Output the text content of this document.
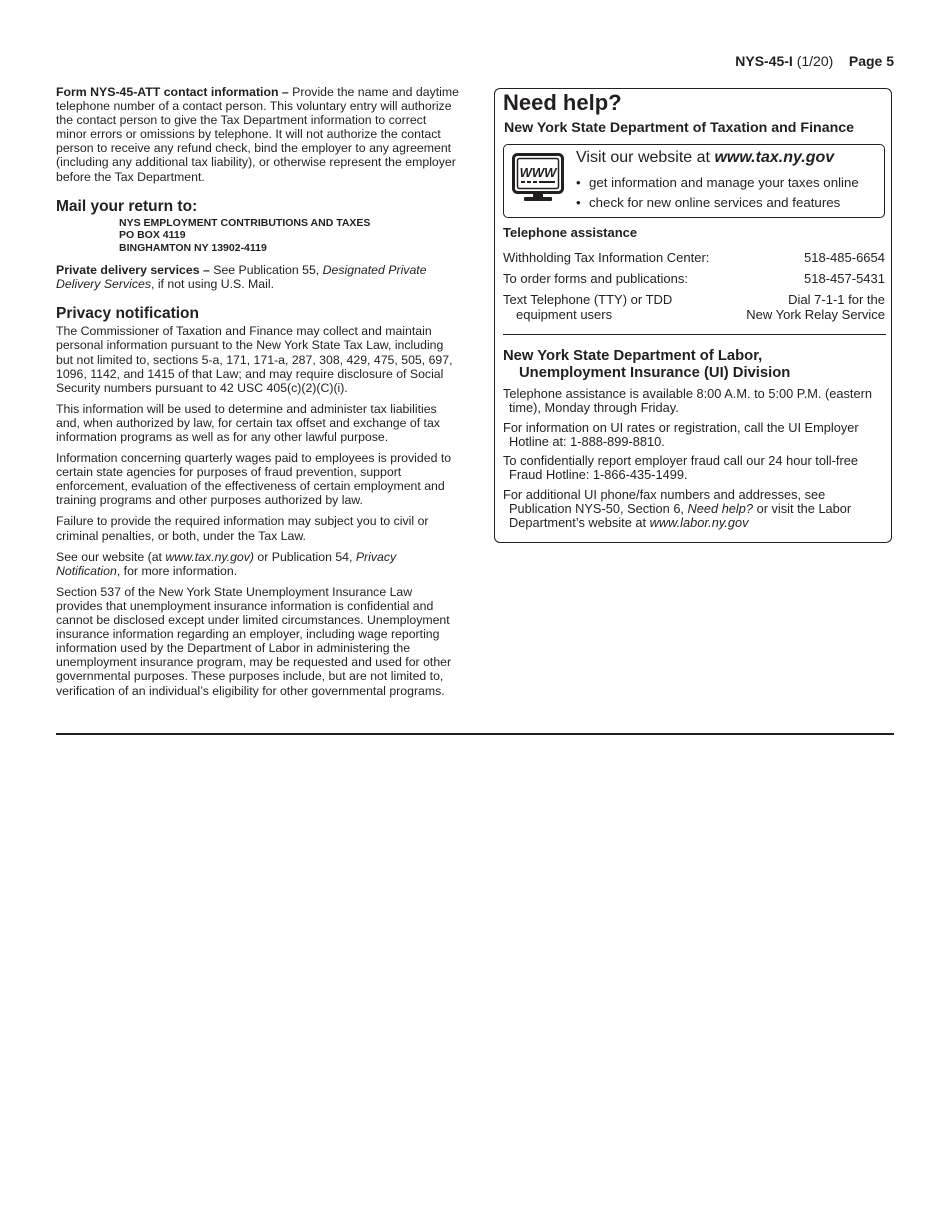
NYS-45-I (1/20) Page 5

Form NYS-45-ATT contact information – Provide the name and daytime telephone number of a contact person. This voluntary entry will authorize the contact person to give the Tax Department information to correct minor errors or omissions by telephone. It will not authorize the contact person to receive any refund check, bind the employer to any agreement (including any additional tax liability), or otherwise represent the employer before the Tax Department.

Mail your return to:
NYS EMPLOYMENT CONTRIBUTIONS AND TAXES
PO BOX 4119
BINGHAMTON NY 13902-4119

Private delivery services – See Publication 55, Designated Private Delivery Services, if not using U.S. Mail.

Privacy notification

The Commissioner of Taxation and Finance may collect and maintain personal information pursuant to the New York State Tax Law, including but not limited to, sections 5-a, 171, 171-a, 287, 308, 429, 475, 505, 697, 1096, 1142, and 1415 of that Law; and may require disclosure of Social Security numbers pursuant to 42 USC 405(c)(2)(C)(i).

This information will be used to determine and administer tax liabilities and, when authorized by law, for certain tax offset and exchange of tax information programs as well as for any other lawful purpose.

Information concerning quarterly wages paid to employees is provided to certain state agencies for purposes of fraud prevention, support enforcement, evaluation of the effectiveness of certain employment and training programs and other purposes authorized by law.

Failure to provide the required information may subject you to civil or criminal penalties, or both, under the Tax Law.

See our website (at www.tax.ny.gov) or Publication 54, Privacy Notification, for more information.

Section 537 of the New York State Unemployment Insurance Law provides that unemployment insurance information is confidential and cannot be disclosed except under limited circumstances. Unemployment insurance information regarding an employer, including wage reporting information used by the Department of Labor in administering the unemployment insurance program, may be requested and used for other governmental purposes. These purposes include, but are not limited to, verification of an individual’s eligibility for other governmental programs.

Need help?
New York State Department of Taxation and Finance
WWW
Visit our website at www.tax.ny.gov
• get information and manage your taxes online
• check for new online services and features
Telephone assistance
Withholding Tax Information Center:	518-485-6654
To order forms and publications:	518-457-5431
Text Telephone (TTY) or TDD
equipment users
Dial 7-1-1 for the
New York Relay Service
New York State Department of Labor,
Unemployment Insurance (UI) Division

Telephone assistance is available 8:00 A.M. to 5:00 P.M. (eastern time), Monday through Friday.

For information on UI rates or registration, call the UI Employer Hotline at: 1-888-899-8810.

To confidentially report employer fraud call our 24 hour toll-free Fraud Hotline: 1-866-435-1499.

For additional UI phone/fax numbers and addresses, see Publication NYS-50, Section 6, Need help? or visit the Labor Department’s website at www.labor.ny.gov
